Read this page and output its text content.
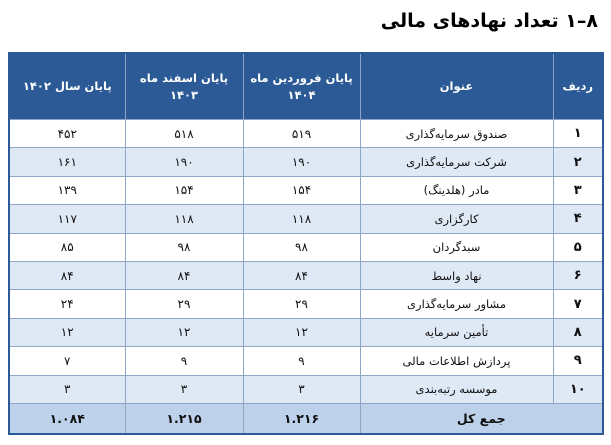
۸–۱ تعداد نهادهای مالی
ردیف	عنوان	پایان فروردین ماه ۱۴۰۴	پایان اسفند ماه ۱۴۰۳	پایان سال ۱۴۰۲
۱	صندوق سرمایه‌گذاری	۵۱۹	۵۱۸	۴۵۲
۲	شرکت سرمایه‌گذاری	۱۹۰	۱۹۰	۱۶۱
۳	مادر (هلدینگ)	۱۵۴	۱۵۴	۱۳۹
۴	کارگزاری	۱۱۸	۱۱۸	۱۱۷
۵	سبدگردان	۹۸	۹۸	۸۵
۶	نهاد واسط	۸۴	۸۴	۸۴
۷	مشاور سرمایه‌گذاری	۲۹	۲۹	۲۴
۸	تأمین سرمایه	۱۲	۱۲	۱۲
۹	پردازش اطلاعات مالی	۹	۹	۷
۱۰	موسسه رتبه‌بندی	۳	۳	۳
جمع کل		۱.۲۱۶	۱.۲۱۵	۱.۰۸۴
